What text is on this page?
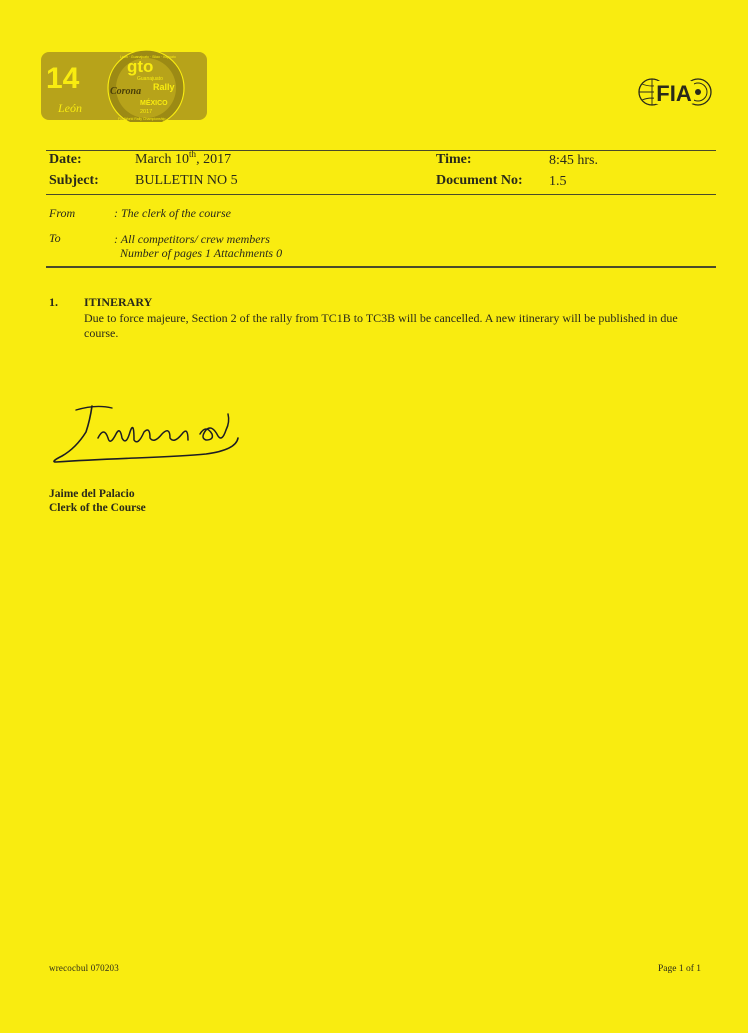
14
León
gto
Guanajuato
Corona Rally
MÉXICO
2017
FIA World Rally Championship
León · Guanajuato · Silao · Irapuato
FIA
Date:	March 10th, 2017	Time:	8:45 hrs.
Subject:	BULLETIN NO 5	Document No: 1.5
From	: The clerk of the course
To	: All competitors/ crew members
Number of pages 1 Attachments 0
1. ITINERARY
Due to force majeure, Section 2 of the rally from TC1B to TC3B will be cancelled. A new itinerary will be published in due course.
Jaime del Palacio
Clerk of the Course
wrecocbul 070203	Page 1 of 1
